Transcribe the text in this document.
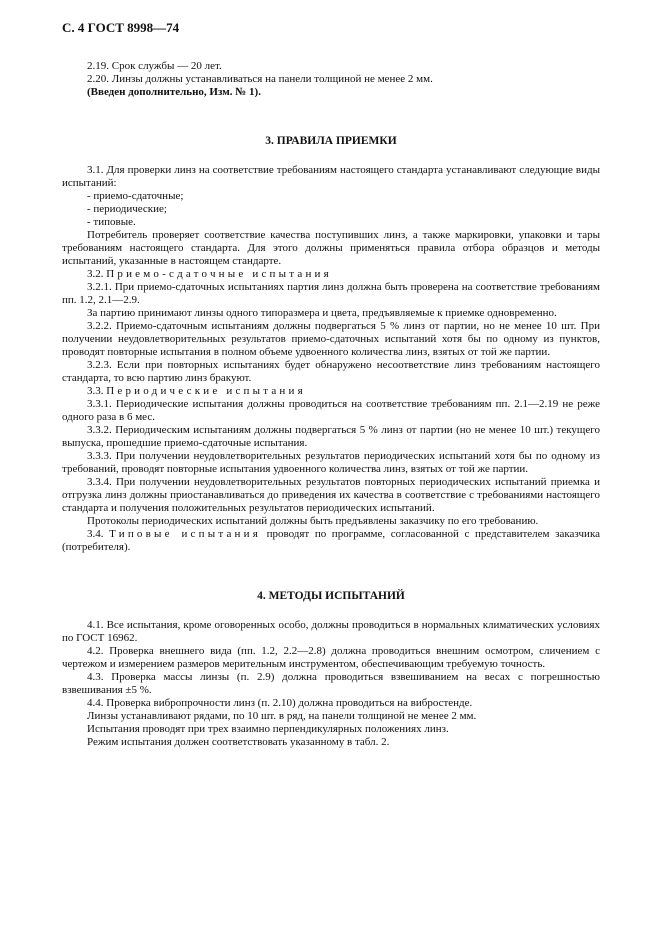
С. 4 ГОСТ 8998—74

2.19. Срок службы — 20 лет.

2.20. Линзы должны устанавливаться на панели толщиной не менее 2 мм.

(Введен дополнительно, Изм. № 1).

3. ПРАВИЛА ПРИЕМКИ

3.1. Для проверки линз на соответствие требованиям настоящего стандарта устанавливают следующие виды испытаний:

- приемо-сдаточные;

- периодические;

- типовые.

Потребитель проверяет соответствие качества поступивших линз, а также маркировки, упаковки и тары требованиям настоящего стандарта. Для этого должны применяться правила отбора образцов и методы испытаний, указанные в настоящем стандарте.

3.2. Приемо-сдаточные испытания

3.2.1. При приемо-сдаточных испытаниях партия линз должна быть проверена на соответствие требованиям пп. 1.2, 2.1—2.9.

За партию принимают линзы одного типоразмера и цвета, предъявляемые к приемке одновременно.

3.2.2. Приемо-сдаточным испытаниям должны подвергаться 5 % линз от партии, но не менее 10 шт. При получении неудовлетворительных результатов приемо-сдаточных испытаний хотя бы по одному из пунктов, проводят повторные испытания в полном объеме удвоенного количества линз, взятых от той же партии.

3.2.3. Если при повторных испытаниях будет обнаружено несоответствие линз требованиям настоящего стандарта, то всю партию линз бракуют.

3.3. Периодические испытания

3.3.1. Периодические испытания должны проводиться на соответствие требованиям пп. 2.1—2.19 не реже одного раза в 6 мес.

3.3.2. Периодическим испытаниям должны подвергаться 5 % линз от партии (но не менее 10 шт.) текущего выпуска, прошедшие приемо-сдаточные испытания.

3.3.3. При получении неудовлетворительных результатов периодических испытаний хотя бы по одному из требований, проводят повторные испытания удвоенного количества линз, взятых от той же партии.

3.3.4. При получении неудовлетворительных результатов повторных периодических испытаний приемка и отгрузка линз должны приостанавливаться до приведения их качества в соответствие с требованиями настоящего стандарта и получения положительных результатов периодических испытаний.

Протоколы периодических испытаний должны быть предъявлены заказчику по его требованию.

3.4. Типовые испытания проводят по программе, согласованной с представителем заказчика (потребителя).

4. МЕТОДЫ ИСПЫТАНИЙ

4.1. Все испытания, кроме оговоренных особо, должны проводиться в нормальных климатических условиях по ГОСТ 16962.

4.2. Проверка внешнего вида (пп. 1.2, 2.2—2.8) должна проводиться внешним осмотром, сличением с чертежом и измерением размеров мерительным инструментом, обеспечивающим требуемую точность.

4.3. Проверка массы линзы (п. 2.9) должна проводиться взвешиванием на весах с погрешностью взвешивания ±5 %.

4.4. Проверка вибропрочности линз (п. 2.10) должна проводиться на вибростенде.

Линзы устанавливают рядами, по 10 шт. в ряд, на панели толщиной не менее 2 мм.

Испытания проводят при трех взаимно перпендикулярных положениях линз.

Режим испытания должен соответствовать указанному в табл. 2.
